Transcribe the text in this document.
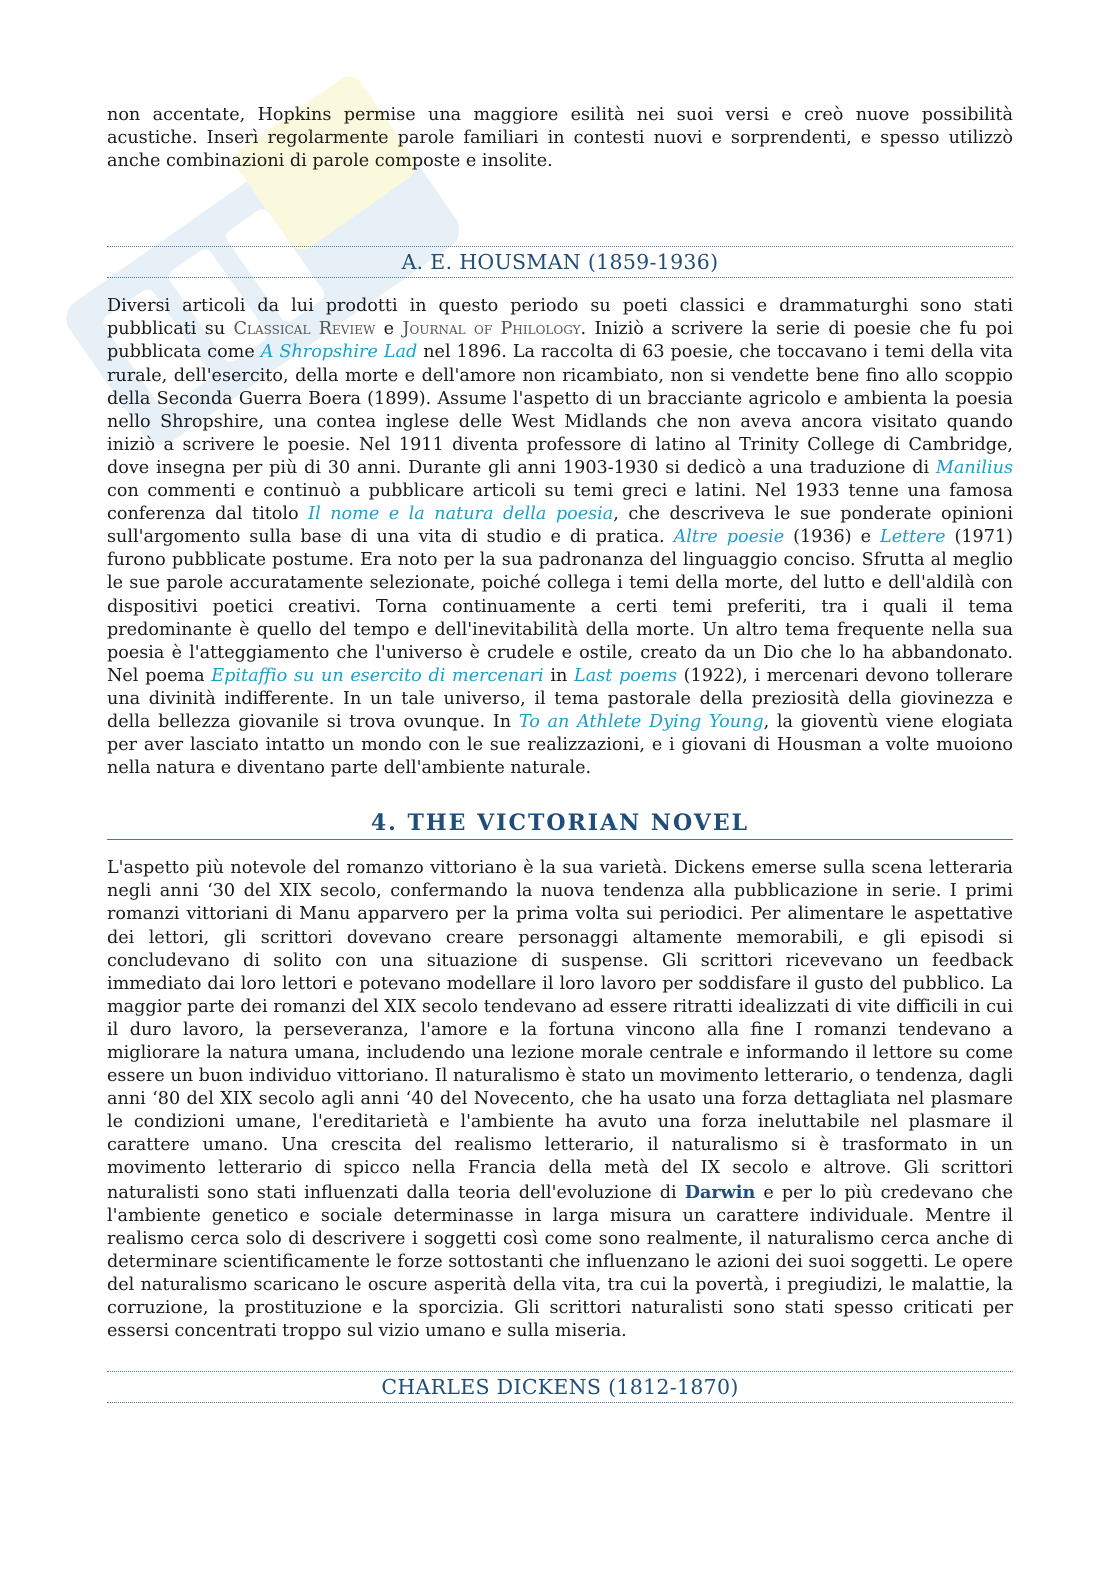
non accentate, Hopkins permise una maggiore esilità nei suoi versi e creò nuove possibilità acustiche. Inserì regolarmente parole familiari in contesti nuovi e sorprendenti, e spesso utilizzò anche combinazioni di parole composte e insolite.

A. E. HOUSMAN (1859-1936)

Diversi articoli da lui prodotti in questo periodo su poeti classici e drammaturghi sono stati pubblicati su Classical Review e Journal of Philology. Iniziò a scrivere la serie di poesie che fu poi pubblicata come A Shropshire Lad nel 1896. La raccolta di 63 poesie, che toccavano i temi della vita rurale, dell'esercito, della morte e dell'amore non ricambiato, non si vendette bene fino allo scoppio della Seconda Guerra Boera (1899). Assume l'aspetto di un bracciante agricolo e ambienta la poesia nello Shropshire, una contea inglese delle West Midlands che non aveva ancora visitato quando iniziò a scrivere le poesie. Nel 1911 diventa professore di latino al Trinity College di Cambridge, dove insegna per più di 30 anni. Durante gli anni 1903-1930 si dedicò a una traduzione di Manilius con commenti e continuò a pubblicare articoli su temi greci e latini. Nel 1933 tenne una famosa conferenza dal titolo Il nome e la natura della poesia, che descriveva le sue ponderate opinioni sull'argomento sulla base di una vita di studio e di pratica. Altre poesie (1936) e Lettere (1971) furono pubblicate postume. Era noto per la sua padronanza del linguaggio conciso. Sfrutta al meglio le sue parole accuratamente selezionate, poiché collega i temi della morte, del lutto e dell'aldilà con dispositivi poetici creativi. Torna continuamente a certi temi preferiti, tra i quali il tema predominante è quello del tempo e dell'inevitabilità della morte. Un altro tema frequente nella sua poesia è l'atteggiamento che l'universo è crudele e ostile, creato da un Dio che lo ha abbandonato. Nel poema Epitaffio su un esercito di mercenari in Last poems (1922), i mercenari devono tollerare una divinità indifferente. In un tale universo, il tema pastorale della preziosità della giovinezza e della bellezza giovanile si trova ovunque. In To an Athlete Dying Young, la gioventù viene elogiata per aver lasciato intatto un mondo con le sue realizzazioni, e i giovani di Housman a volte muoiono nella natura e diventano parte dell'ambiente naturale.

4. THE VICTORIAN NOVEL

L'aspetto più notevole del romanzo vittoriano è la sua varietà. Dickens emerse sulla scena letteraria negli anni ‘30 del XIX secolo, confermando la nuova tendenza alla pubblicazione in serie. I primi romanzi vittoriani di Manu apparvero per la prima volta sui periodici. Per alimentare le aspettative dei lettori, gli scrittori dovevano creare personaggi altamente memorabili, e gli episodi si concludevano di solito con una situazione di suspense. Gli scrittori ricevevano un feedback immediato dai loro lettori e potevano modellare il loro lavoro per soddisfare il gusto del pubblico. La maggior parte dei romanzi del XIX secolo tendevano ad essere ritratti idealizzati di vite difficili in cui il duro lavoro, la perseveranza, l'amore e la fortuna vincono alla fine I romanzi tendevano a migliorare la natura umana, includendo una lezione morale centrale e informando il lettore su come essere un buon individuo vittoriano. Il naturalismo è stato un movimento letterario, o tendenza, dagli anni ‘80 del XIX secolo agli anni ‘40 del Novecento, che ha usato una forza dettagliata nel plasmare le condizioni umane, l'ereditarietà e l'ambiente ha avuto una forza ineluttabile nel plasmare il carattere umano. Una crescita del realismo letterario, il naturalismo si è trasformato in un movimento letterario di spicco nella Francia della metà del IX secolo e altrove. Gli scrittori naturalisti sono stati influenzati dalla teoria dell'evoluzione di Darwin e per lo più credevano che l'ambiente genetico e sociale determinasse in larga misura un carattere individuale. Mentre il realismo cerca solo di descrivere i soggetti così come sono realmente, il naturalismo cerca anche di determinare scientificamente le forze sottostanti che influenzano le azioni dei suoi soggetti. Le opere del naturalismo scaricano le oscure asperità della vita, tra cui la povertà, i pregiudizi, le malattie, la corruzione, la prostituzione e la sporcizia. Gli scrittori naturalisti sono stati spesso criticati per essersi concentrati troppo sul vizio umano e sulla miseria.

CHARLES DICKENS (1812-1870)
